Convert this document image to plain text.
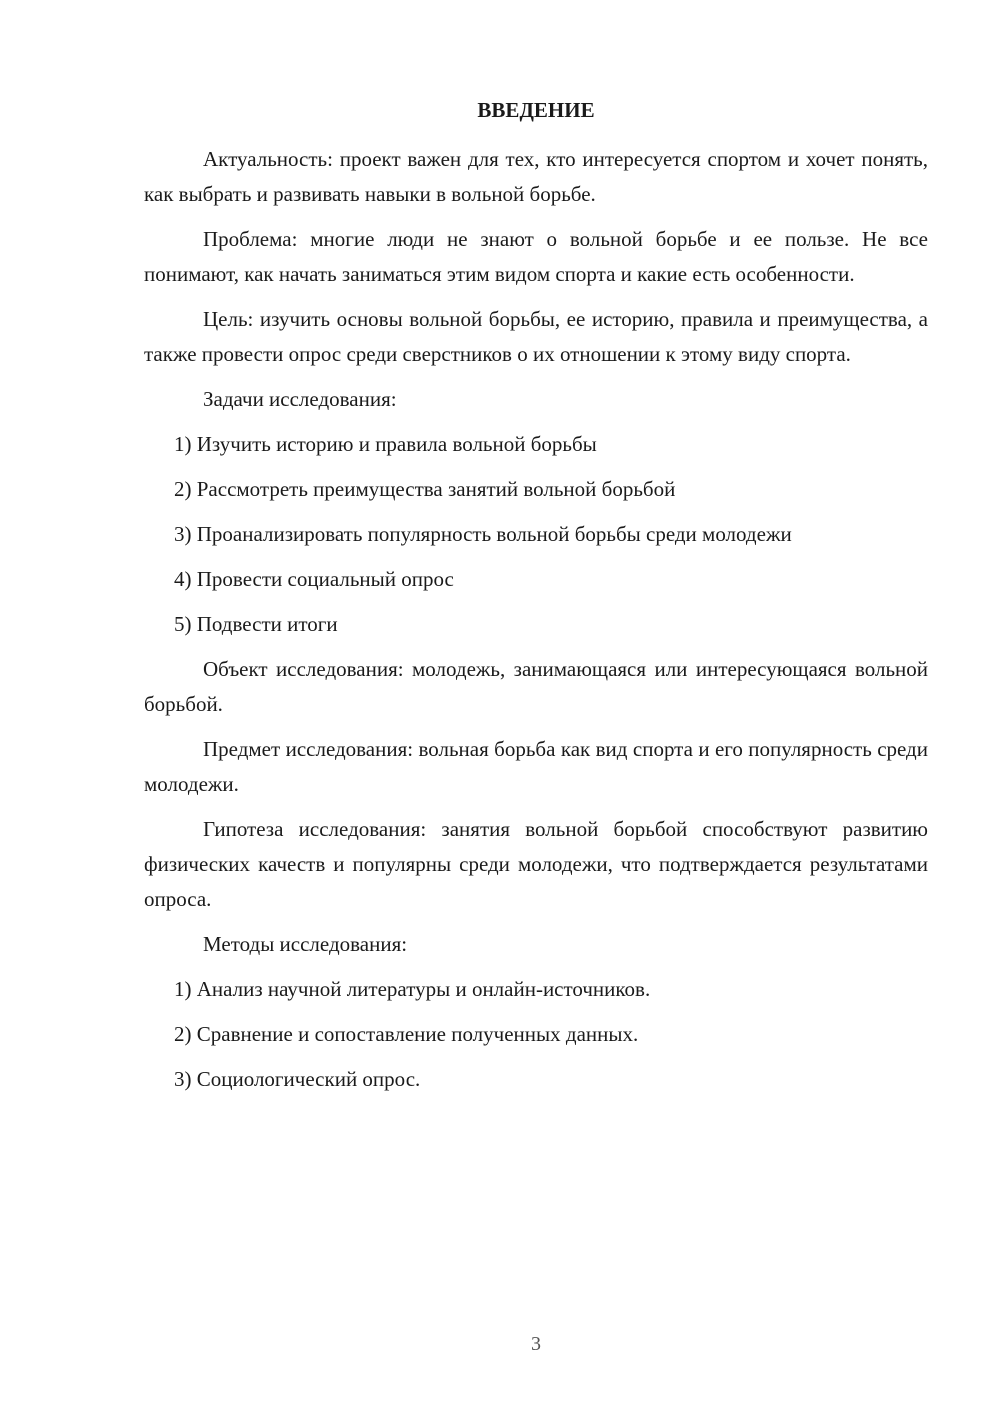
ВВЕДЕНИЕ

Актуальность: проект важен для тех, кто интересуется спортом и хочет понять, как выбрать и развивать навыки в вольной борьбе.

Проблема: многие люди не знают о вольной борьбе и ее пользе. Не все понимают, как начать заниматься этим видом спорта и какие есть особенности.

Цель: изучить основы вольной борьбы, ее историю, правила и преимущества, а также провести опрос среди сверстников о их отношении к этому виду спорта.

Задачи исследования:

1) Изучить историю и правила вольной борьбы
2) Рассмотреть преимущества занятий вольной борьбой
3) Проанализировать популярность вольной борьбы среди молодежи
4) Провести социальный опрос
5) Подвести итоги

Объект исследования: молодежь, занимающаяся или интересующаяся вольной борьбой.

Предмет исследования: вольная борьба как вид спорта и его популярность среди молодежи.

Гипотеза исследования: занятия вольной борьбой способствуют развитию физических качеств и популярны среди молодежи, что подтверждается результатами опроса.

Методы исследования:

1) Анализ научной литературы и онлайн-источников.
2) Сравнение и сопоставление полученных данных.
3) Социологический опрос.
3
